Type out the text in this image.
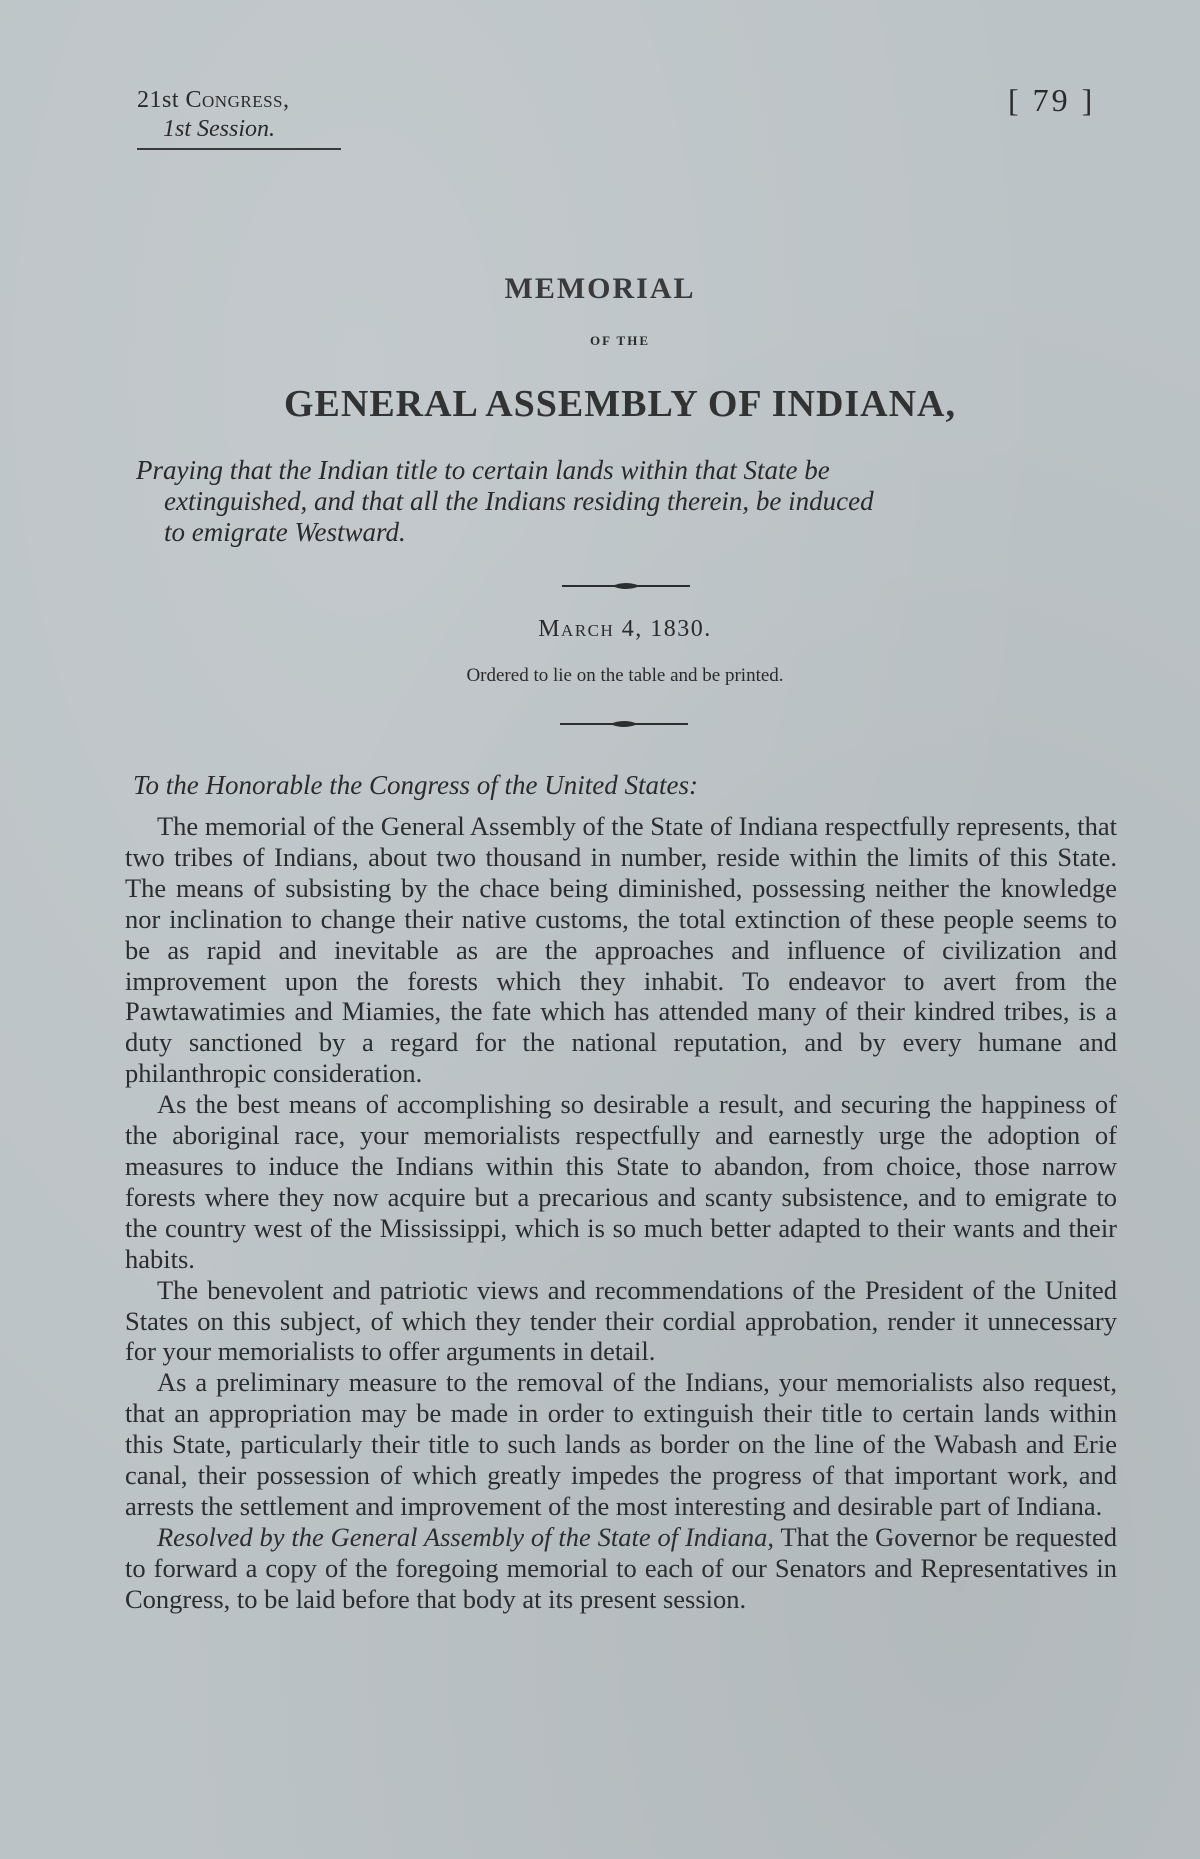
21st Congress,
1st Session.
[ 79 ]
MEMORIAL
OF THE
GENERAL ASSEMBLY OF INDIANA,
Praying that the Indian title to certain lands within that State be
extinguished, and that all the Indians residing therein, be induced
to emigrate Westward.
March 4, 1830.
Ordered to lie on the table and be printed.
To the Honorable the Congress of the United States:

The memorial of the General Assembly of the State of Indiana respectfully represents, that two tribes of Indians, about two thousand in number, reside within the limits of this State. The means of subsisting by the chace being diminished, possessing neither the knowledge nor inclination to change their native customs, the total extinction of these people seems to be as rapid and inevitable as are the approaches and influence of civilization and improvement upon the forests which they inhabit. To endeavor to avert from the Pawtawatimies and Miamies, the fate which has attended many of their kindred tribes, is a duty sanctioned by a regard for the national reputation, and by every humane and philanthropic consideration.

As the best means of accomplishing so desirable a result, and securing the happiness of the aboriginal race, your memorialists respectfully and earnestly urge the adoption of measures to induce the Indians within this State to abandon, from choice, those narrow forests where they now acquire but a precarious and scanty subsistence, and to emigrate to the country west of the Mississippi, which is so much better adapted to their wants and their habits.

The benevolent and patriotic views and recommendations of the President of the United States on this subject, of which they tender their cordial approbation, render it unnecessary for your memorialists to offer arguments in detail.

As a preliminary measure to the removal of the Indians, your memorialists also request, that an appropriation may be made in order to extinguish their title to certain lands within this State, particularly their title to such lands as border on the line of the Wabash and Erie canal, their possession of which greatly impedes the progress of that important work, and arrests the settlement and improvement of the most interesting and desirable part of Indiana.

Resolved by the General Assembly of the State of Indiana, That the Governor be requested to forward a copy of the foregoing memorial to each of our Senators and Representatives in Congress, to be laid before that body at its present session.
